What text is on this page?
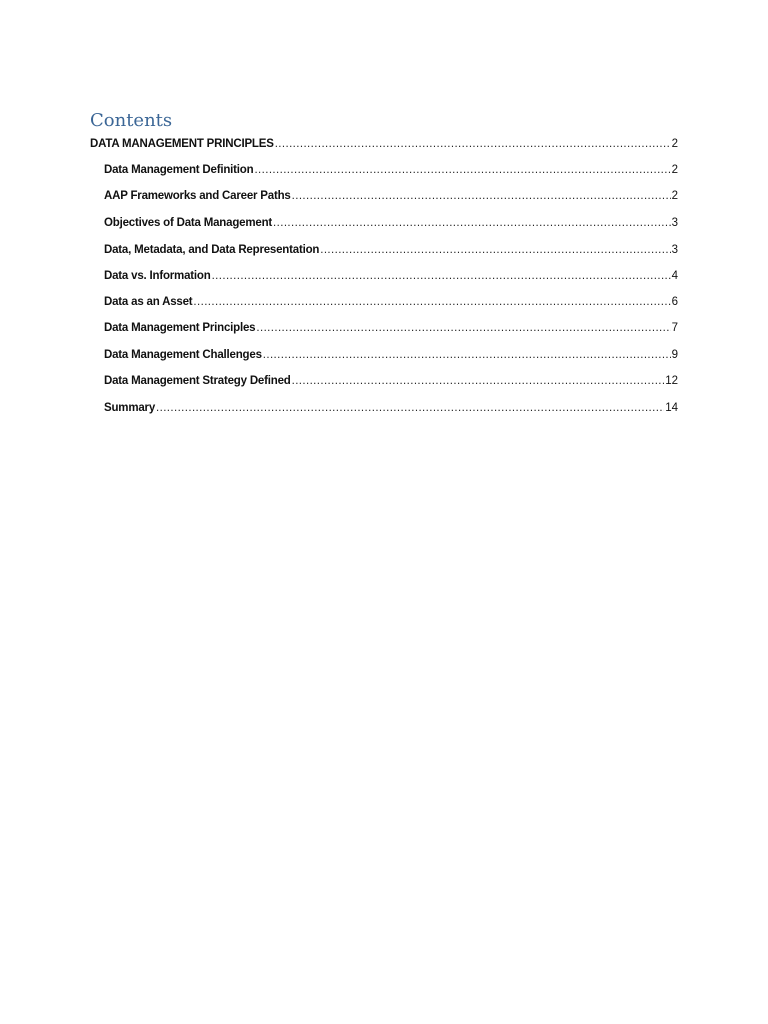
Contents
DATA MANAGEMENT PRINCIPLES .....	2
Data Management Definition .....	2
AAP Frameworks and Career Paths .....	2
Objectives of Data Management .....	3
Data, Metadata, and Data Representation .....	3
Data vs. Information .....	4
Data as an Asset .....	6
Data Management Principles .....	7
Data Management Challenges .....	9
Data Management Strategy Defined .....	12
Summary .....	14
